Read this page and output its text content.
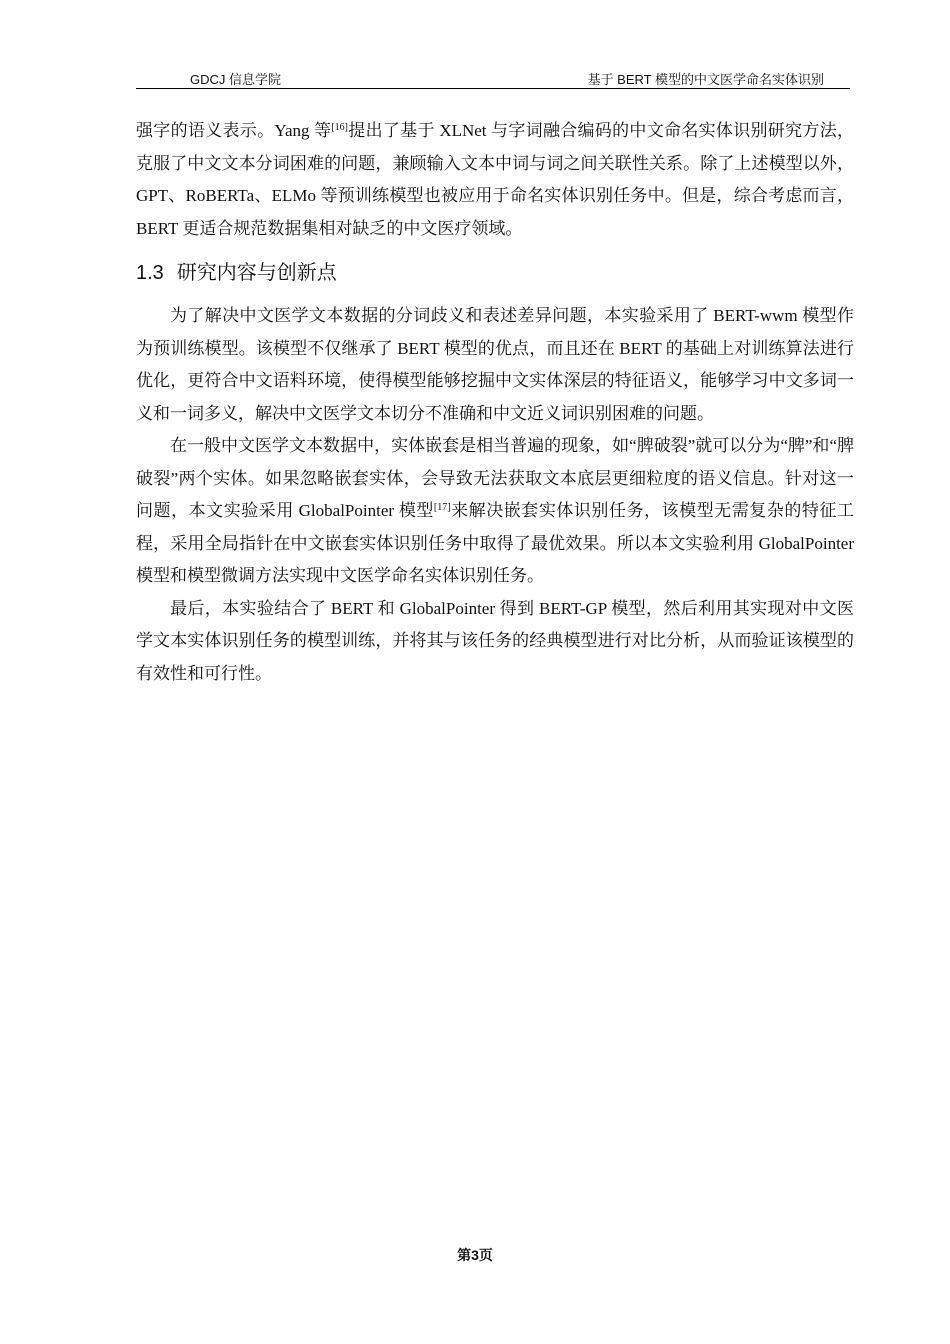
GDCJ 信息学院	基于 BERT 模型的中文医学命名实体识别

强字的语义表示。Yang 等[16]提出了基于 XLNet 与字词融合编码的中文命名实体识别研究方法，克服了中文文本分词困难的问题，兼顾输入文本中词与词之间关联性关系。除了上述模型以外，GPT、RoBERTa、ELMo 等预训练模型也被应用于命名实体识别任务中。但是，综合考虑而言，BERT 更适合规范数据集相对缺乏的中文医疗领域。

1.3 研究内容与创新点

为了解决中文医学文本数据的分词歧义和表述差异问题，本实验采用了 BERT-wwm 模型作为预训练模型。该模型不仅继承了 BERT 模型的优点，而且还在 BERT 的基础上对训练算法进行优化，更符合中文语料环境，使得模型能够挖掘中文实体深层的特征语义，能够学习中文多词一义和一词多义，解决中文医学文本切分不准确和中文近义词识别困难的问题。

在一般中文医学文本数据中，实体嵌套是相当普遍的现象，如“脾破裂”就可以分为“脾”和“脾破裂”两个实体。如果忽略嵌套实体，会导致无法获取文本底层更细粒度的语义信息。针对这一问题，本文实验采用 GlobalPointer 模型[17]来解决嵌套实体识别任务，该模型无需复杂的特征工程，采用全局指针在中文嵌套实体识别任务中取得了最优效果。所以本文实验利用 GlobalPointer 模型和模型微调方法实现中文医学命名实体识别任务。

最后，本实验结合了 BERT 和 GlobalPointer 得到 BERT-GP 模型，然后利用其实现对中文医学文本实体识别任务的模型训练，并将其与该任务的经典模型进行对比分析，从而验证该模型的有效性和可行性。

第3页
